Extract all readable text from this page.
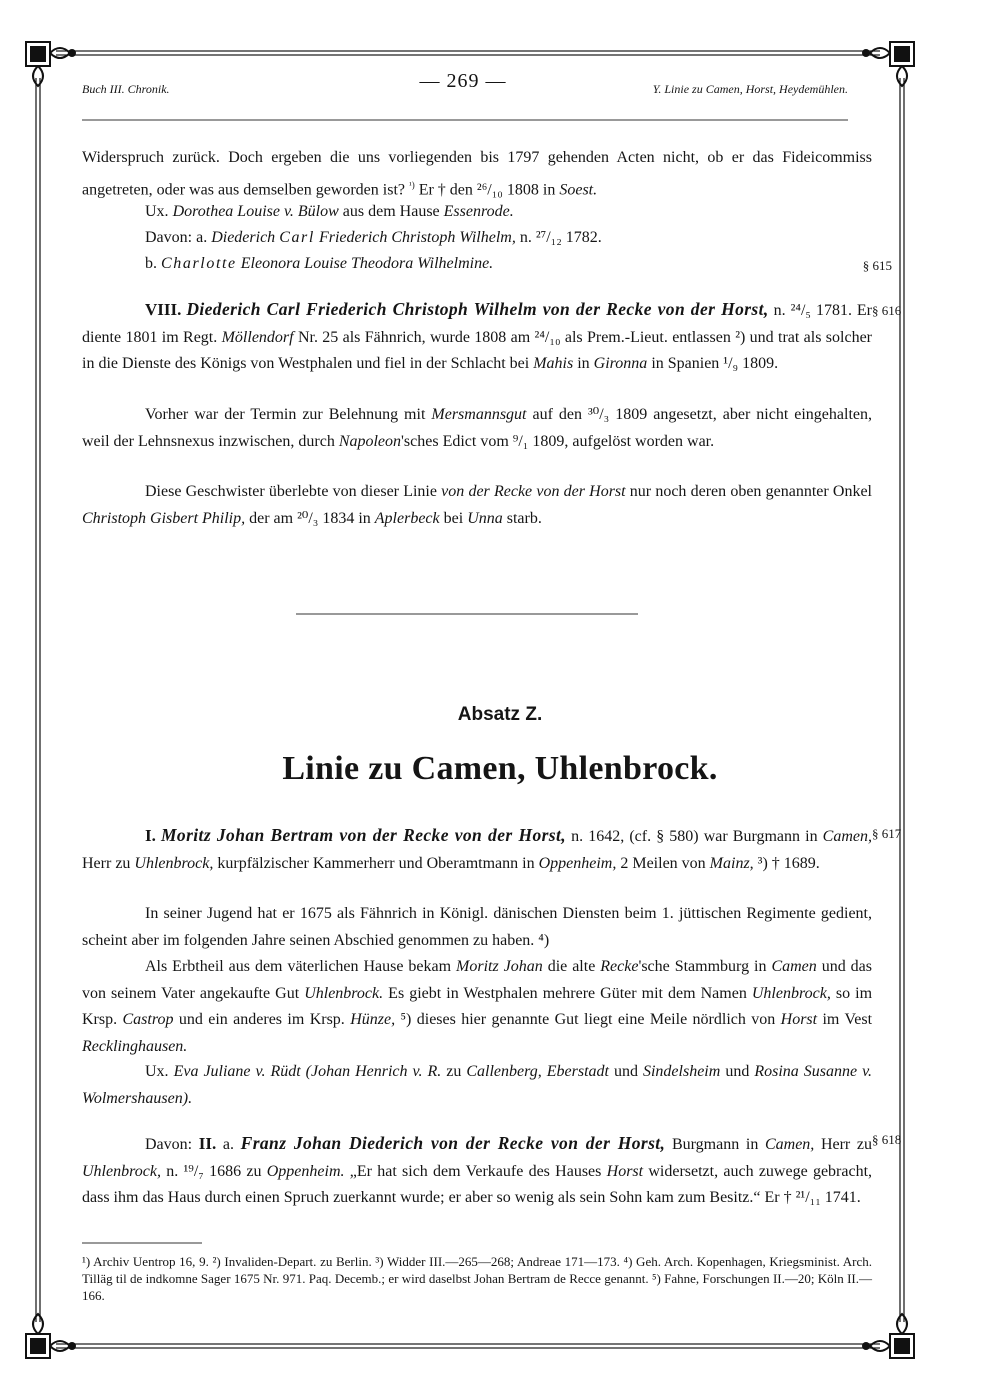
Buch III. Chronik.	— 269 —	Y. Linie zu Camen, Horst, Heydemühlen.

Widerspruch zurück. Doch ergeben die uns vorliegenden bis 1797 gehenden Acten nicht, ob er das Fideicommiss angetreten, oder was aus demselben geworden ist? $^{^1)}$ Er † den ²⁶/₁₀ 1808 in Soest.

Ux. Dorothea Louise v. Bülow aus dem Hause Essenrode.
Davon: a. Diederich Carl Friederich Christoph Wilhelm, n. ²⁷/₁₂ 1782.
b. Charlotte Eleonora Louise Theodora Wilhelmine.	§ 615

VIII. Diederich Carl Friederich Christoph Wilhelm von der Recke von der Horst, n. ²⁴/₅ 1781. Er diente 1801 im Regt. Möllendorf Nr. 25 als Fähnrich, wurde 1808 am ²⁴/₁₀ als Prem.-Lieut. entlassen ²) und trat als solcher in die Dienste des Königs von Westphalen und fiel in der Schlacht bei Mahis in Gironna in Spanien ¹/₉ 1809.

§ 616

Vorher war der Termin zur Belehnung mit Mersmannsgut auf den ³⁰/₃ 1809 angesetzt, aber nicht eingehalten, weil der Lehnsnexus inzwischen, durch Napoleon'sches Edict vom ⁹/₁ 1809, aufgelöst worden war.

Diese Geschwister überlebte von dieser Linie von der Recke von der Horst nur noch deren oben genannter Onkel Christoph Gisbert Philip, der am ²⁰/₃ 1834 in Aplerbeck bei Unna starb.

Absatz Z.
Linie zu Camen, Uhlenbrock.

I. Moritz Johan Bertram von der Recke von der Horst, n. 1642, (cf. § 580) war Burgmann in Camen, Herr zu Uhlenbrock, kurpfälzischer Kammerherr und Oberamtmann in Oppenheim, 2 Meilen von Mainz, ³) † 1689.

§ 617

In seiner Jugend hat er 1675 als Fähnrich in Königl. dänischen Diensten beim 1. jüttischen Regimente gedient, scheint aber im folgenden Jahre seinen Abschied genommen zu haben. ⁴)

Als Erbtheil aus dem väterlichen Hause bekam Moritz Johan die alte Recke'sche Stammburg in Camen und das von seinem Vater angekaufte Gut Uhlenbrock. Es giebt in Westphalen mehrere Güter mit dem Namen Uhlenbrock, so im Krsp. Castrop und ein anderes im Krsp. Hünze, ⁵) dieses hier genannte Gut liegt eine Meile nördlich von Horst im Vest Recklinghausen.

Ux. Eva Juliane v. Rüdt (Johan Henrich v. R. zu Callenberg, Eberstadt und Sindelsheim und Rosina Susanne v. Wolmershausen).

Davon: II. a. Franz Johan Diederich von der Recke von der Horst, Burgmann in Camen, Herr zu Uhlenbrock, n. ¹⁹/₇ 1686 zu Oppenheim. „Er hat sich dem Verkaufe des Hauses Horst widersetzt, auch zuwege gebracht, dass ihm das Haus durch einen Spruch zuerkannt wurde; er aber so wenig als sein Sohn kam zum Besitz.“ Er † ²¹/₁₁ 1741.

§ 618

¹) Archiv Uentrop 16, 9. ²) Invaliden-Depart. zu Berlin. ³) Widder III.—265—268; Andreae 171—173. ⁴) Geh. Arch. Kopenhagen, Kriegsminist. Arch. Tilläg til de indkomne Sager 1675 Nr. 971. Paq. Decemb.; er wird daselbst Johan Bertram de Recce genannt. ⁵) Fahne, Forschungen II.—20; Köln II.—166.
